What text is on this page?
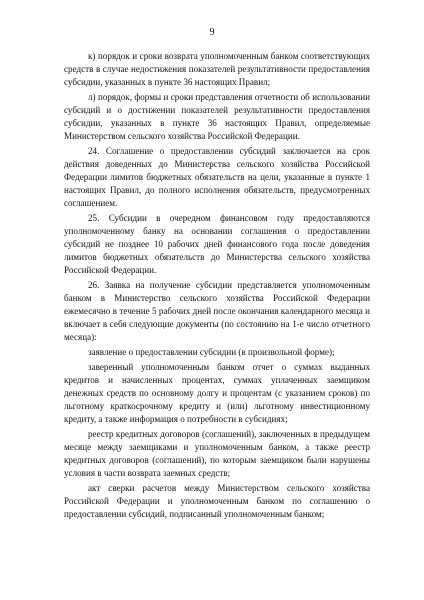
9

к) порядок и сроки возврата уполномоченным банком соответствующих средств в случае недостижения показателей результативности предоставления субсидии, указанных в пункте 36 настоящих Правил;

л) порядок, формы и сроки представления отчетности об использовании субсидий и о достижении показателей результативности предоставления субсидии, указанных в пункте 36 настоящих Правил, определяемые Министерством сельского хозяйства Российской Федерации.

24. Соглашение о предоставлении субсидий заключается на срок действия доведенных до Министерства сельского хозяйства Российской Федерации лимитов бюджетных обязательств на цели, указанные в пункте 1 настоящих Правил, до полного исполнения обязательств, предусмотренных соглашением.

25. Субсидии в очередном финансовом году предоставляются уполномоченному банку на основании соглашения о предоставлении субсидий не позднее 10 рабочих дней финансового года после доведения лимитов бюджетных обязательств до Министерства сельского хозяйства Российской Федерации.

26. Заявка на получение субсидии представляется уполномоченным банком в Министерство сельского хозяйства Российской Федерации ежемесячно в течение 5 рабочих дней после окончания календарного месяца и включает в себя следующие документы (по состоянию на 1-е число отчетного месяца):

заявление о предоставлении субсидии (в произвольной форме);

заверенный уполномоченным банком отчет о суммах выданных кредитов и начисленных процентах, суммах уплаченных заемщиком денежных средств по основному долгу и процентам (с указанием сроков) по льготному краткосрочному кредиту и (или) льготному инвестиционному кредиту, а также информация о потребности в субсидиях;

реестр кредитных договоров (соглашений), заключенных в предыдущем месяце между заемщиками и уполномоченным банком, а также реестр кредитных договоров (соглашений), по которым заемщиком были нарушены условия в части возврата заемных средств;

акт сверки расчетов между Министерством сельского хозяйства Российской Федерации и уполномоченным банком по соглашению о предоставлении субсидий, подписанный уполномоченным банком;
